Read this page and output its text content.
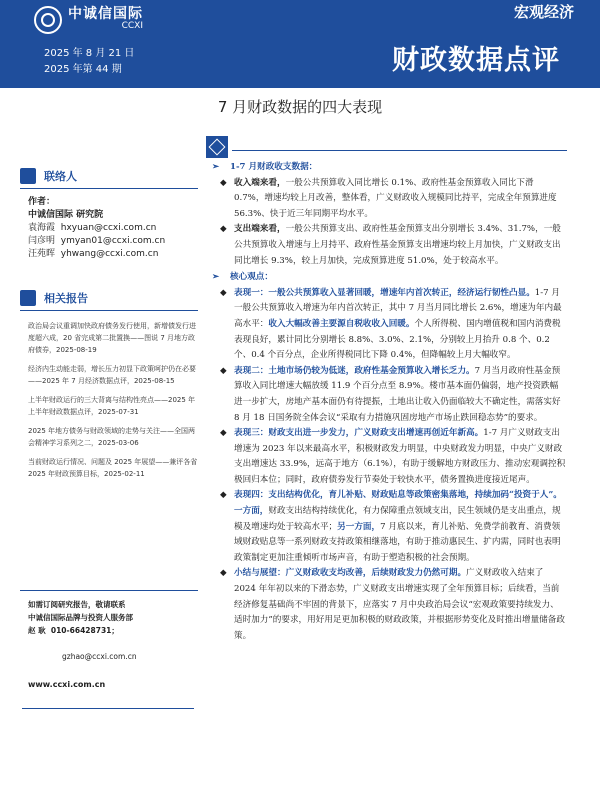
中诚信国际
CCXI
宏观经济
2025 年 8 月 21 日
2025 年第 44 期	财政数据点评
7 月财政数据的四大表现
联络人
作者：
中诚信国际 研究院
袁海霞 hxyuan@ccxi.com.cn
闫彦明 ymyan01@ccxi.com.cn
汪苑晖 yhwang@ccxi.com.cn
相关报告
政治局会议重调加快政府债务发行使用，新增债发行进度超六成，20 省完成第二批置换——图说 7 月地方政府债券，2025-08-19
经济内生动能走弱，增长压力初显下政策呵护仍在必要——2025 年 7 月经济数据点评，2025-08-15
上半年财政运行的三大背离与结构性亮点——2025 年上半年财政数据点评，2025-07-31
2025 年地方债务与财政领域的走势与关注——全国两会精神学习系列之二，2025-03-06
当前财政运行情况、问题及 2025 年展望——兼评各省 2025 年财政预算目标，2025-02-11
如需订阅研究报告，敬请联系
中诚信国际品牌与投资人服务部
赵 耿 010-66428731；
gzhao@ccxi.com.cn
www.ccxi.com.cn
➢	1-7 月财政收支数据：
◆ 收入端来看，一般公共预算收入同比增长 0.1%、政府性基金预算收入同比下滑 0.7%，增速均较上月改善，整体看，广义财政收入规模同比持平，完成全年预算进度 56.3%、快于近三年同期平均水平。
◆ 支出端来看，一般公共预算支出、政府性基金预算支出分别增长 3.4%、31.7%，一般公共预算收入增速与上月持平、政府性基金预算支出增速均较上月加快，广义财政支出同比增长 9.3%，较上月加快，完成预算进度 51.0%，处于较高水平。
➢	核心观点：
◆ 表现一：一般公共预算收入显著回暖，增速年内首次转正，经济运行韧性凸显。1-7 月一般公共预算收入增速为年内首次转正，其中 7 月当月同比增长 2.6%，增速为年内最高水平：收入大幅改善主要源自税收收入回暖。个人所得税、国内增值税和国内消费税表现良好，累计同比分别增长 8.8%、3.0%、2.1%，分别较上月抬升 0.8 个、0.2 个、0.4 个百分点，企业所得税同比下降 0.4%，但降幅较上月大幅收窄。
◆ 表现二：土地市场仍较为低迷，政府性基金预算收入增长乏力。7 月当月政府性基金预算收入同比增速大幅放缓 11.9 个百分点至 8.9%。楼市基本面仍偏弱，地产投资跌幅进一步扩大，房地产基本面仍有待提振，土地出让收入仍面临较大不确定性，需落实好 8 月 18 日国务院全体会议“采取有力措施巩固房地产市场止跌回稳态势”的要求。
◆ 表现三：财政支出进一步发力，广义财政支出增速再创近年新高。1-7 月广义财政支出增速为 2023 年以来最高水平，积极财政发力明显，中央财政发力明显，中央广义财政支出增速达 33.9%，远高于地方（6.1%），有助于缓解地方财政压力、推动宏观调控积极回归本位；同时，政府债券发行节奏处于较快水平，债务置换进度接近尾声。
◆ 表现四：支出结构优化，育儿补贴、财政贴息等政策密集落地，持续加码“投资于人”。一方面，财政支出结构持续优化，有力保障重点领域支出，民生领域仍是支出重点，规模及增速均处于较高水平；另一方面，7 月底以来，育儿补贴、免费学前教育、消费领域财政贴息等一系列财政支持政策相继落地，有助于推动惠民生、扩内需，同时也表明政策制定更加注重倾听市场声音，有助于塑造积极的社会预期。
◆ 小结与展望：广义财政收支均改善，后续财政发力仍然可期。广义财政收入结束了 2024 年年初以来的下滑态势，广义财政支出增速实现了全年预算目标；后续看，当前经济修复基础尚不牢固的背景下，应落实 7 月中央政治局会议“宏观政策要持续发力、适时加力”的要求，用好用足更加积极的财政政策，并根据形势变化及时推出增量储备政策。
